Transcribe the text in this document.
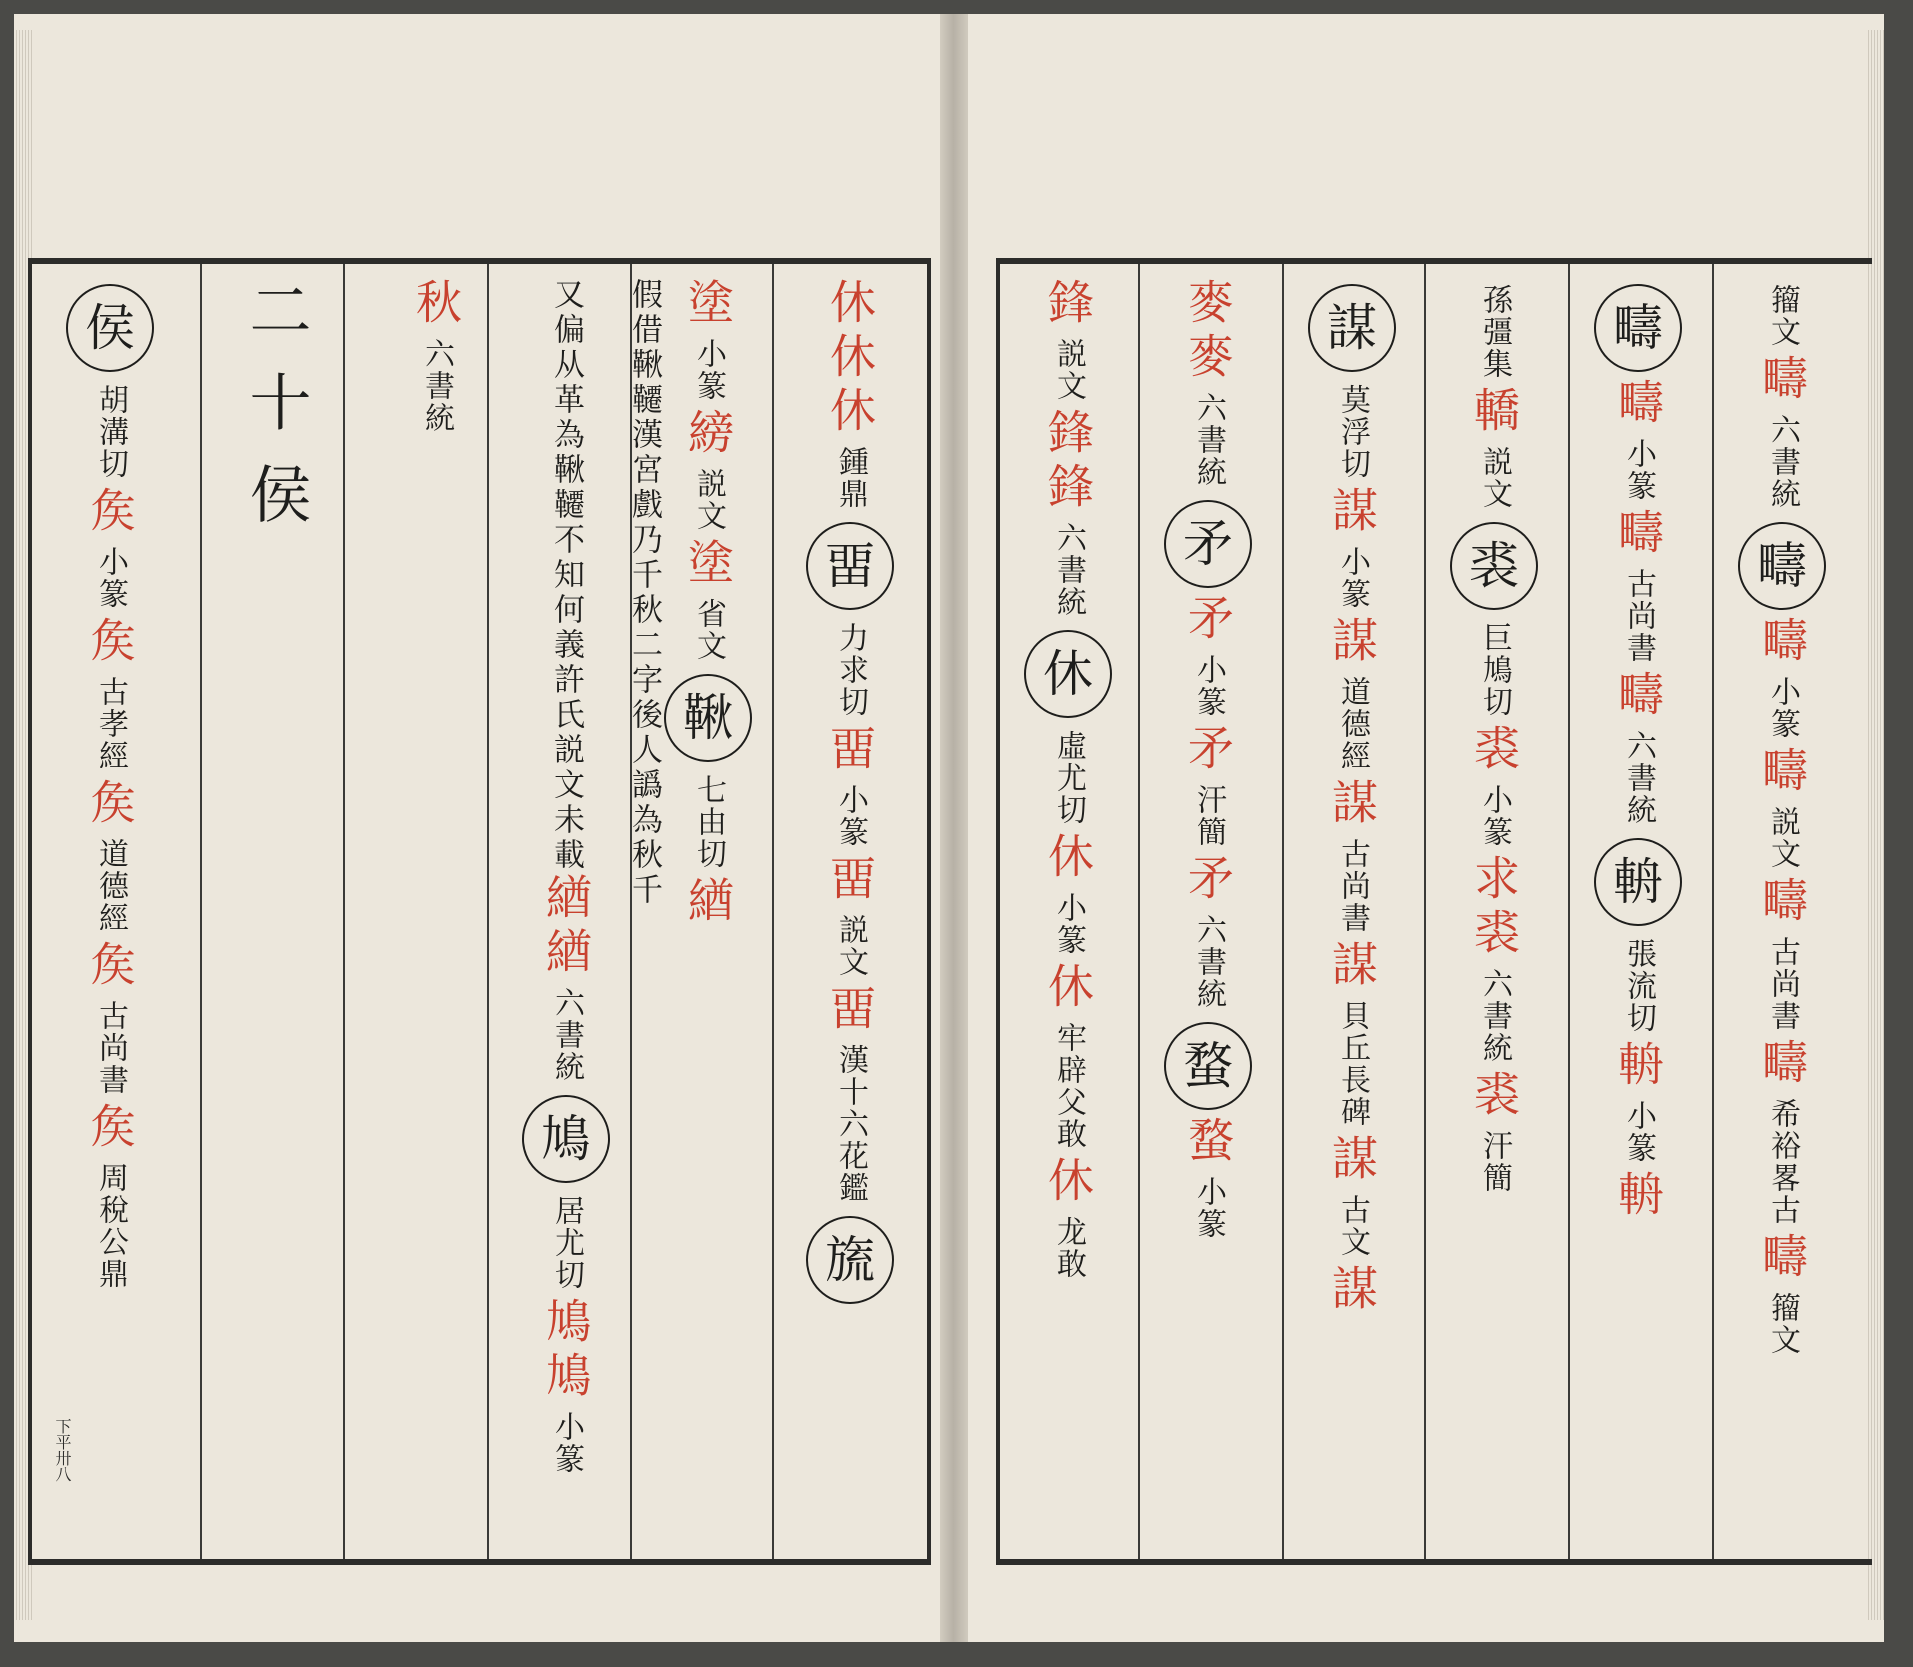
侯胡溝切矦小篆矦古孝經矦道德經矦古尚書矦周稅公鼎
二十侯	秋六書統	又偏从革為鞦韆不知何義許氏説文未載緧緧六書統鳩居尤切鳩鳩小篆
塗小篆縍説文塗省文鞦七由切緧假借鞦韆漢宮戲乃千秋二字後人譌為秋千	休休休鍾鼎畱力求切畱小篆畱説文畱漢十六花鑑旒
下平卅八
鋒説文鋒鋒六書統休虛尤切休小篆休牢辟父敢休龙敢
麥麥六書統矛矛小篆矛汗簡矛六書統蝥蝥小篆
謀莫浮切謀小篆謀道德經謀古尚書謀貝丘長碑謀古文謀
孫彊集轎説文裘巨鳩切裘小篆求裘六書統裘汗簡
疇疇小篆疇古尚書疇六書統輈張流切輈小篆輈
籀文疇六書統疇疇小篆疇説文疇古尚書疇希裕畧古疇籀文
